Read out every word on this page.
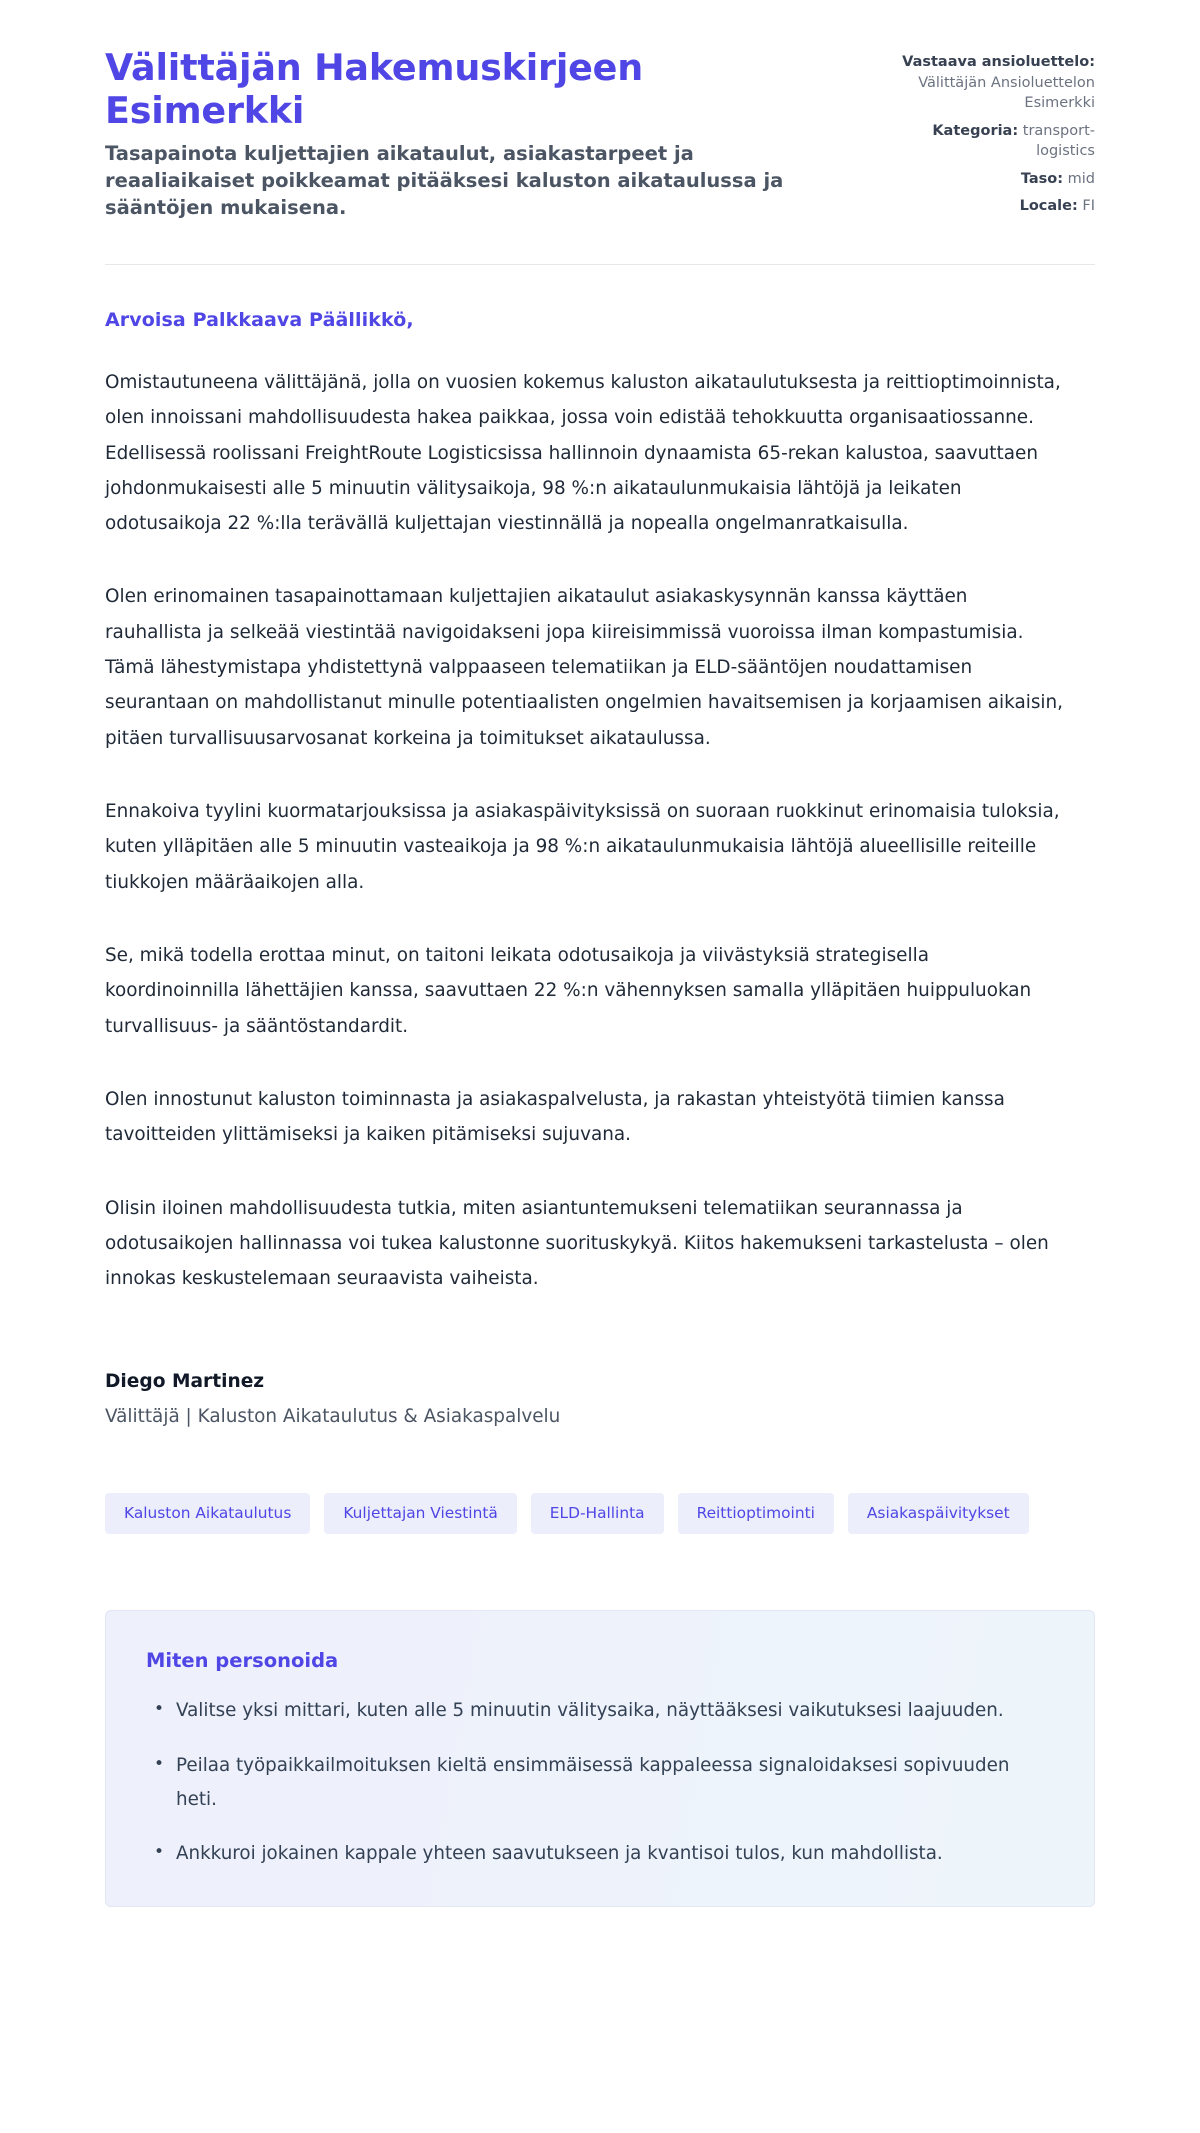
Välittäjän Hakemuskirjeen Esimerkki

Tasapainota kuljettajien aikataulut, asiakastarpeet ja reaaliaikaiset poikkeamat pitääksesi kaluston aikataulussa ja sääntöjen mukaisena.

Vastaava ansioluettelo: Välittäjän Ansioluettelon Esimerkki
Kategoria: transport-logistics
Taso: mid
Locale: FI

Arvoisa Palkkaava Päällikkö,

Omistautuneena välittäjänä, jolla on vuosien kokemus kaluston aikataulutuksesta ja reittioptimoinnista, olen innoissani mahdollisuudesta hakea paikkaa, jossa voin edistää tehokkuutta organisaatiossanne. Edellisessä roolissani FreightRoute Logisticsissa hallinnoin dynaamista 65-rekan kalustoa, saavuttaen johdonmukaisesti alle 5 minuutin välitysaikoja, 98 %:n aikataulunmukaisia lähtöjä ja leikaten odotusaikoja 22 %:lla terävällä kuljettajan viestinnällä ja nopealla ongelmanratkaisulla.

Olen erinomainen tasapainottamaan kuljettajien aikataulut asiakaskysynnän kanssa käyttäen rauhallista ja selkeää viestintää navigoidakseni jopa kiireisimmissä vuoroissa ilman kompastumisia. Tämä lähestymistapa yhdistettynä valppaaseen telematiikan ja ELD-sääntöjen noudattamisen seurantaan on mahdollistanut minulle potentiaalisten ongelmien havaitsemisen ja korjaamisen aikaisin, pitäen turvallisuusarvosanat korkeina ja toimitukset aikataulussa.

Ennakoiva tyylini kuormatarjouksissa ja asiakaspäivityksissä on suoraan ruokkinut erinomaisia tuloksia, kuten ylläpitäen alle 5 minuutin vasteaikoja ja 98 %:n aikataulunmukaisia lähtöjä alueellisille reiteille tiukkojen määräaikojen alla.

Se, mikä todella erottaa minut, on taitoni leikata odotusaikoja ja viivästyksiä strategisella koordinoinnilla lähettäjien kanssa, saavuttaen 22 %:n vähennyksen samalla ylläpitäen huippuluokan turvallisuus- ja sääntöstandardit.

Olen innostunut kaluston toiminnasta ja asiakaspalvelusta, ja rakastan yhteistyötä tiimien kanssa tavoitteiden ylittämiseksi ja kaiken pitämiseksi sujuvana.

Olisin iloinen mahdollisuudesta tutkia, miten asiantuntemukseni telematiikan seurannassa ja odotusaikojen hallinnassa voi tukea kalustonne suorituskykyä. Kiitos hakemukseni tarkastelusta – olen innokas keskustelemaan seuraavista vaiheista.

Diego Martinez

Välittäjä | Kaluston Aikataulutus & Asiakaspalvelu

Kaluston Aikataulutus	Kuljettajan Viestintä	ELD-Hallinta	Reittioptimointi	Asiakaspäivitykset

Miten personoida

• Valitse yksi mittari, kuten alle 5 minuutin välitysaika, näyttääksesi vaikutuksesi laajuuden.
• Peilaa työpaikkailmoituksen kieltä ensimmäisessä kappaleessa signaloidaksesi sopivuuden heti.
• Ankkuroi jokainen kappale yhteen saavutukseen ja kvantisoi tulos, kun mahdollista.
